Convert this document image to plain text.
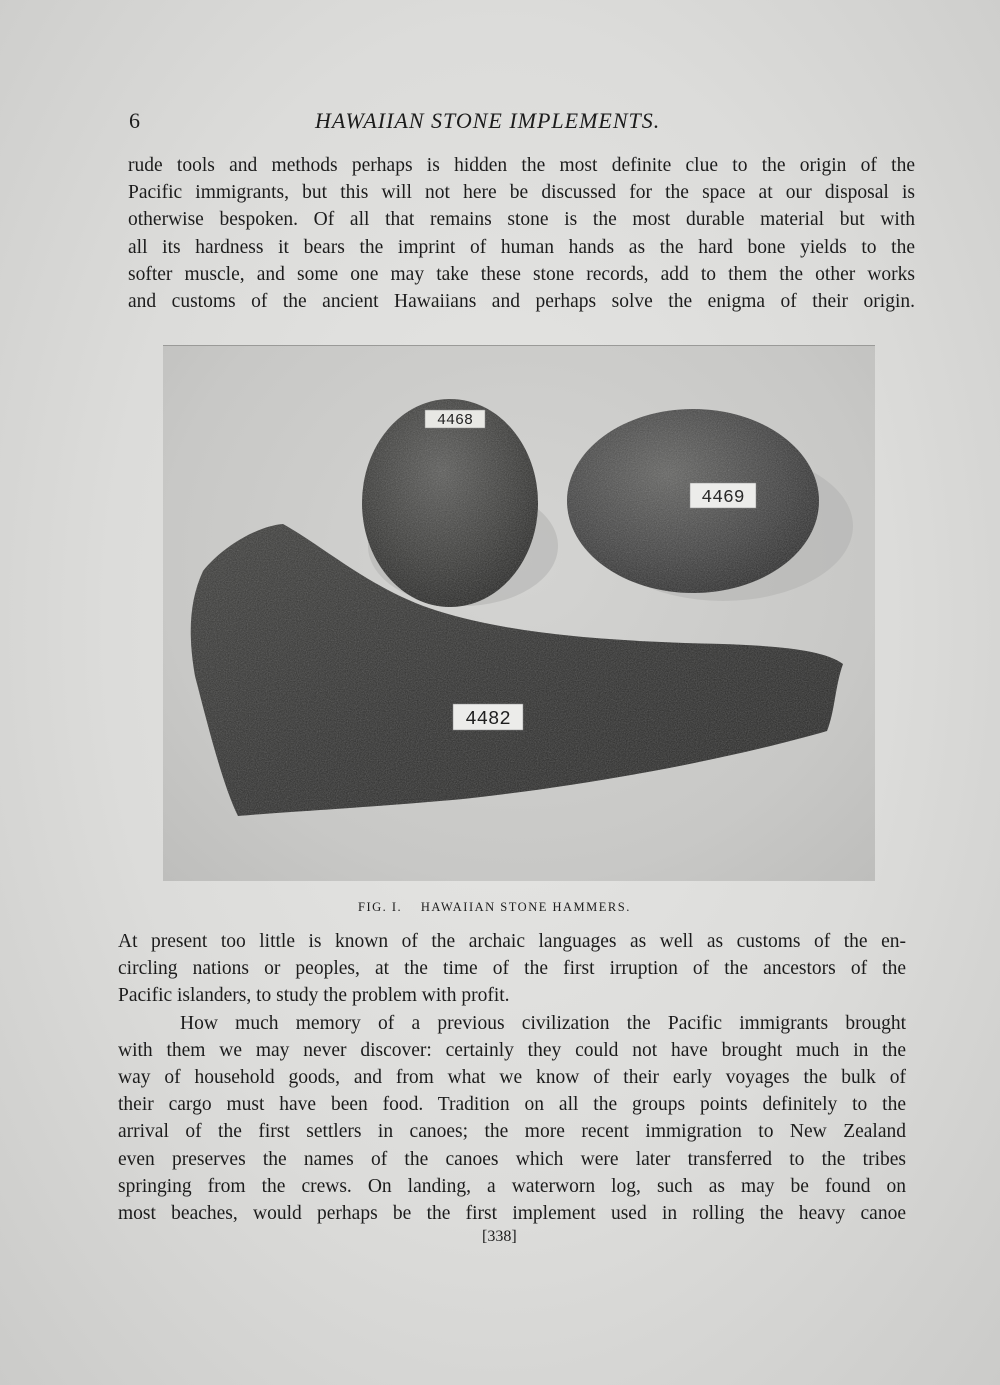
6	HAWAIIAN STONE IMPLEMENTS.

rude tools and methods perhaps is hidden the most definite clue to the origin of the
Pacific immigrants, but this will not here be discussed for the space at our disposal is
otherwise bespoken. Of all that remains stone is the most durable material but with
all its hardness it bears the imprint of human hands as the hard bone yields to the
softer muscle, and some one may take these stone records, add to them the other works
and customs of the ancient Hawaiians and perhaps solve the enigma of their origin.

4468
4469
4482
FIG. I. HAWAIIAN STONE HAMMERS.
At present too little is known of the archaic languages as well as customs of the en-
circling nations or peoples, at the time of the first irruption of the ancestors of the
Pacific islanders, to study the problem with profit.
How much memory of a previous civilization the Pacific immigrants brought
with them we may never discover: certainly they could not have brought much in the
way of household goods, and from what we know of their early voyages the bulk of
their cargo must have been food. Tradition on all the groups points definitely to the
arrival of the first settlers in canoes; the more recent immigration to New Zealand
even preserves the names of the canoes which were later transferred to the tribes
springing from the crews. On landing, a waterworn log, such as may be found on
most beaches, would perhaps be the first implement used in rolling the heavy canoe
[338]
